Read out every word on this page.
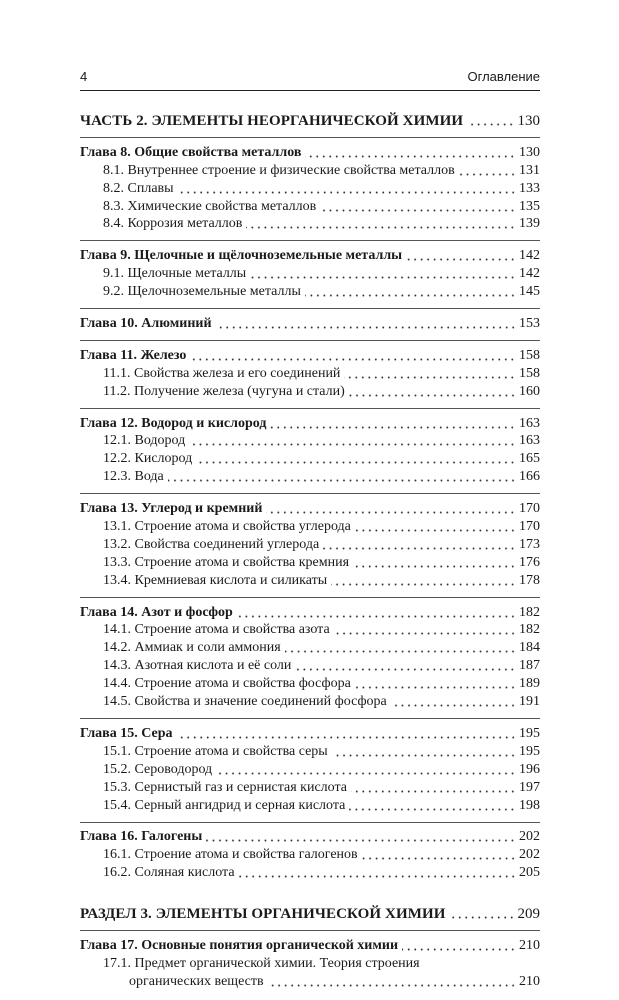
4	Оглавление
ЧАСТЬ 2. ЭЛЕМЕНТЫ НЕОРГАНИЧЕСКОЙ ХИМИИ	130
Глава 8. Общие свойства металлов	130
8.1. Внутреннее строение и физические свойства металлов	131
8.2. Сплавы	133
8.3. Химические свойства металлов	135
8.4. Коррозия металлов	139
Глава 9. Щелочные и щёлочноземельные металлы	142
9.1. Щелочные металлы	142
9.2. Щелочноземельные металлы	145
Глава 10. Алюминий	153
Глава 11. Железо	158
11.1. Свойства железа и его соединений	158
11.2. Получение железа (чугуна и стали)	160
Глава 12. Водород и кислород	163
12.1. Водород	163
12.2. Кислород	165
12.3. Вода	166
Глава 13. Углерод и кремний	170
13.1. Строение атома и свойства углерода	170
13.2. Свойства соединений углерода	173
13.3. Строение атома и свойства кремния	176
13.4. Кремниевая кислота и силикаты	178
Глава 14. Азот и фосфор	182
14.1. Строение атома и свойства азота	182
14.2. Аммиак и соли аммония	184
14.3. Азотная кислота и её соли	187
14.4. Строение атома и свойства фосфора	189
14.5. Свойства и значение соединений фосфора	191
Глава 15. Сера	195
15.1. Строение атома и свойства серы	195
15.2. Сероводород	196
15.3. Сернистый газ и сернистая кислота	197
15.4. Серный ангидрид и серная кислота	198
Глава 16. Галогены	202
16.1. Строение атома и свойства галогенов	202
16.2. Соляная кислота	205
РАЗДЕЛ 3. ЭЛЕМЕНТЫ ОРГАНИЧЕСКОЙ ХИМИИ	209
Глава 17. Основные понятия органической химии	210
17.1. Предмет органической химии. Теория строения
органических веществ	210
